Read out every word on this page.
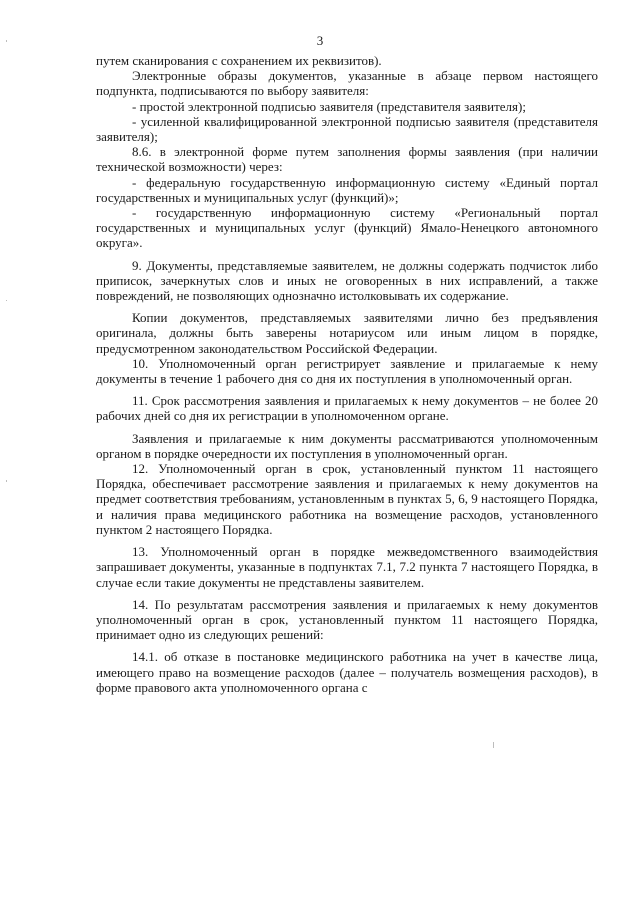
3

путем сканирования с сохранением их реквизитов).

Электронные образы документов, указанные в абзаце первом настоящего подпункта, подписываются по выбору заявителя:

- простой электронной подписью заявителя (представителя заявителя);

- усиленной квалифицированной электронной подписью заявителя (представителя заявителя);

8.6. в электронной форме путем заполнения формы заявления (при наличии технической возможности) через:

- федеральную государственную информационную систему «Единый портал государственных и муниципальных услуг (функций)»;

- государственную информационную систему «Региональный портал государственных и муниципальных услуг (функций) Ямало-Ненецкого автономного округа».

9. Документы, представляемые заявителем, не должны содержать подчисток либо приписок, зачеркнутых слов и иных не оговоренных в них исправлений, а также повреждений, не позволяющих однозначно истолковывать их содержание.

Копии документов, представляемых заявителями лично без предъявления оригинала, должны быть заверены нотариусом или иным лицом в порядке, предусмотренном законодательством Российской Федерации.

10. Уполномоченный орган регистрирует заявление и прилагаемые к нему документы в течение 1 рабочего дня со дня их поступления в уполномоченный орган.

11. Срок рассмотрения заявления и прилагаемых к нему документов – не более 20 рабочих дней со дня их регистрации в уполномоченном органе.

Заявления и прилагаемые к ним документы рассматриваются уполномоченным органом в порядке очередности их поступления в уполномоченный орган.

12. Уполномоченный орган в срок, установленный пунктом 11 настоящего Порядка, обеспечивает рассмотрение заявления и прилагаемых к нему документов на предмет соответствия требованиям, установленным в пунктах 5, 6, 9 настоящего Порядка, и наличия права медицинского работника на возмещение расходов, установленного пунктом 2 настоящего Порядка.

13. Уполномоченный орган в порядке межведомственного взаимодействия запрашивает документы, указанные в подпунктах 7.1, 7.2 пункта 7 настоящего Порядка, в случае если такие документы не представлены заявителем.

14. По результатам рассмотрения заявления и прилагаемых к нему документов уполномоченный орган в срок, установленный пунктом 11 настоящего Порядка, принимает одно из следующих решений:

14.1. об отказе в постановке медицинского работника на учет в качестве лица, имеющего право на возмещение расходов (далее – получатель возмещения расходов), в форме правового акта уполномоченного органа с
